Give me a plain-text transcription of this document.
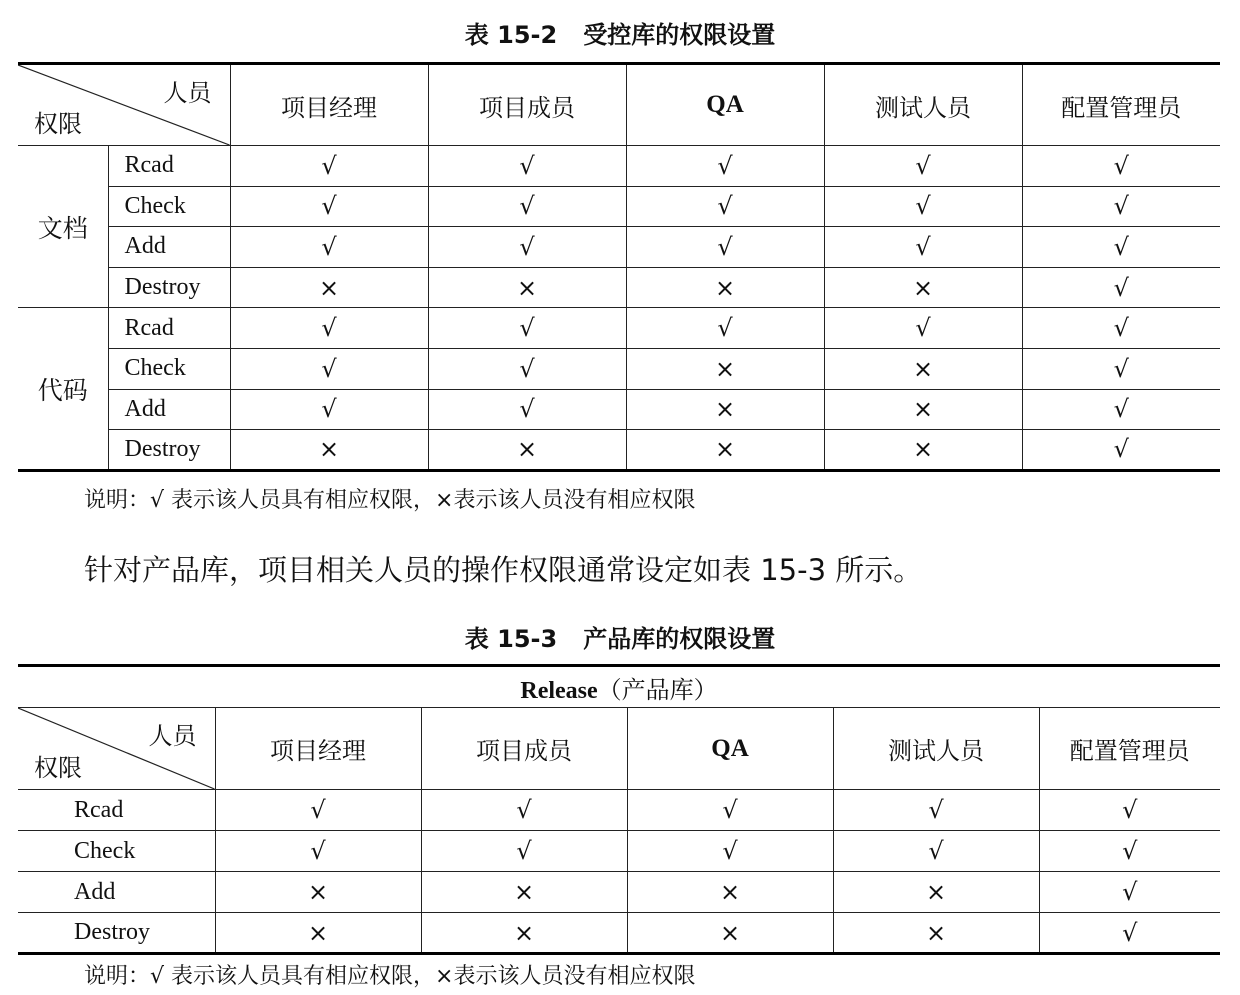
表 15-2 受控库的权限设置
人员
权限		项目经理	项目成员	QA	测试人员	配置管理员
文档	Rcad	√	√	√	√	√
	Check	√	√	√	√	√
	Add	√	√	√	√	√
	Destroy	×	×	×	×	√
代码	Rcad	√	√	√	√	√
	Check	√	√	×	×	√
	Add	√	√	×	×	√
	Destroy	×	×	×	×	√
说明：√ 表示该人员具有相应权限，×表示该人员没有相应权限
针对产品库，项目相关人员的操作权限通常设定如表 15-3 所示。
表 15-3 产品库的权限设置
Release（产品库）					

人员
权限	项目经理	项目成员	QA	测试人员	配置管理员
Rcad	√	√	√	√	√
Check	√	√	√	√	√
Add	×	×	×	×	√
Destroy	×	×	×	×	√
说明：√ 表示该人员具有相应权限，×表示该人员没有相应权限
